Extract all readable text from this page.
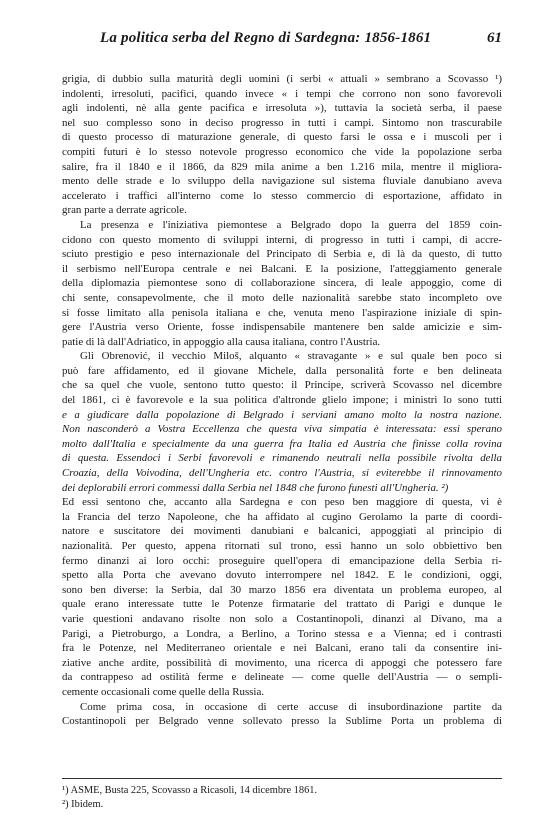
La politica serba del Regno di Sardegna: 1856-1861	61
grigia, di dubbio sulla maturità degli uomini (i serbi « attuali » sembrano a Scovasso ¹)
indolenti, irresoluti, pacifici, quando invece « i tempi che corrono non sono favorevoli
agli indolenti, nè alla gente pacifica e irresoluta »), tuttavia la società serba, il paese
nel suo complesso sono in deciso progresso in tutti i campi. Sintomo non trascurabile
di questo processo di maturazione generale, di questo farsi le ossa e i muscoli per i
compiti futuri è lo stesso notevole progresso economico che vide la popolazione serba
salire, fra il 1840 e il 1866, da 829 mila anime a ben 1.216 mila, mentre il migliora-
mento delle strade e lo sviluppo della navigazione sul sistema fluviale danubiano aveva
accelerato i traffici all'interno come lo stesso commercio di esportazione, affidato in
gran parte a derrate agricole.
La presenza e l'iniziativa piemontese a Belgrado dopo la guerra del 1859 coin-
cidono con questo momento di sviluppi interni, di progresso in tutti i campi, di accre-
sciuto prestigio e peso internazionale del Principato di Serbia e, di là da questo, di tutto
il serbismo nell'Europa centrale e nei Balcani. E la posizione, l'atteggiamento generale
della diplomazia piemontese sono di collaborazione sincera, di leale appoggio, come di
chi sente, consapevolmente, che il moto delle nazionalità sarebbe stato incompleto ove
si fosse limitato alla penisola italiana e che, venuta meno l'aspirazione iniziale di spin-
gere l'Austria verso Oriente, fosse indispensabile mantenere ben salde amicizie e sim-
patie di là dall'Adriatico, in appoggio alla causa italiana, contro l'Austria.
Gli Obrenović, il vecchio Miloš, alquanto « stravagante » e sul quale ben poco si
può fare affidamento, ed il giovane Michele, dalla personalità forte e ben delineata
che sa quel che vuole, sentono tutto questo: il Principe, scriverà Scovasso nel dicembre
del 1861, ci è favorevole e la sua politica d'altronde glielo impone; i ministri lo sono tutti
e a giudicare dalla popolazione di Belgrado i serviani amano molto la nostra nazione.
Non nasconderò a Vostra Eccellenza che questa viva simpatia è interessata: essi sperano
molto dall'Italia e specialmente da una guerra fra Italia ed Austria che finisse colla rovina
di questa. Essendoci i Serbi favorevoli e rimanendo neutrali nella possibile rivolta della
Croazia, della Voivodina, dell'Ungheria etc. contro l'Austria, si eviterebbe il rinnovamento
dei deplorabili errori commessi dalla Serbia nel 1848 che furono funesti all'Ungheria. ²)
Ed essi sentono che, accanto alla Sardegna e con peso ben maggiore di questa, vi è
la Francia del terzo Napoleone, che ha affidato al cugino Gerolamo la parte di coordi-
natore e suscitatore dei movimenti danubiani e balcanici, appoggiati al principio di
nazionalità. Per questo, appena ritornati sul trono, essi hanno un solo obbiettivo ben
fermo dinanzi ai loro occhi: proseguire quell'opera di emancipazione della Serbia ri-
spetto alla Porta che avevano dovuto interrompere nel 1842. E le condizioni, oggi,
sono ben diverse: la Serbia, dal 30 marzo 1856 era diventata un problema europeo, al
quale erano interessate tutte le Potenze firmatarie del trattato di Parigi e dunque le
varie questioni andavano risolte non solo a Costantinopoli, dinanzi al Divano, ma a
Parigi, a Pietroburgo, a Londra, a Berlino, a Torino stessa e a Vienna; ed i contrasti
fra le Potenze, nel Mediterraneo orientale e nei Balcani, erano tali da consentire ini-
ziative anche ardite, possibilità di movimento, una ricerca di appoggi che potessero fare
da contrappeso ad ostilità ferme e delineate — come quelle dell'Austria — o sempli-
cemente occasionali come quelle della Russia.
Come prima cosa, in occasione di certe accuse di insubordinazione partite da
Costantinopoli per Belgrado venne sollevato presso la Sublime Porta un problema di
¹) ASME, Busta 225, Scovasso a Ricasoli, 14 dicembre 1861.
²) Ibidem.
